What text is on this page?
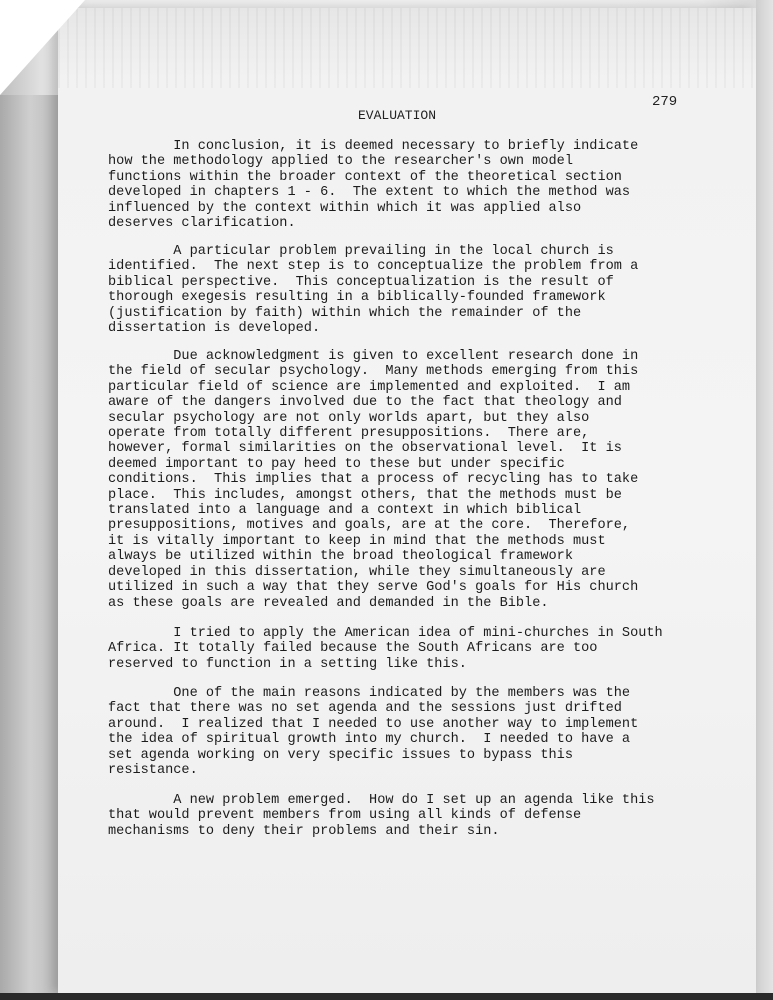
279

EVALUATION

In conclusion, it is deemed necessary to briefly indicate
how the methodology applied to the researcher's own model
functions within the broader context of the theoretical section
developed in chapters 1 - 6.  The extent to which the method was
influenced by the context within which it was applied also
deserves clarification.

A particular problem prevailing in the local church is
identified.  The next step is to conceptualize the problem from a
biblical perspective.  This conceptualization is the result of
thorough exegesis resulting in a biblically-founded framework
(justification by faith) within which the remainder of the
dissertation is developed.

Due acknowledgment is given to excellent research done in
the field of secular psychology.  Many methods emerging from this
particular field of science are implemented and exploited.  I am
aware of the dangers involved due to the fact that theology and
secular psychology are not only worlds apart, but they also
operate from totally different presuppositions.  There are,
however, formal similarities on the observational level.  It is
deemed important to pay heed to these but under specific
conditions.  This implies that a process of recycling has to take
place.  This includes, amongst others, that the methods must be
translated into a language and a context in which biblical
presuppositions, motives and goals, are at the core.  Therefore,
it is vitally important to keep in mind that the methods must
always be utilized within the broad theological framework
developed in this dissertation, while they simultaneously are
utilized in such a way that they serve God's goals for His church
as these goals are revealed and demanded in the Bible.

I tried to apply the American idea of mini-churches in South
Africa. It totally failed because the South Africans are too
reserved to function in a setting like this.

One of the main reasons indicated by the members was the
fact that there was no set agenda and the sessions just drifted
around.  I realized that I needed to use another way to implement
the idea of spiritual growth into my church.  I needed to have a
set agenda working on very specific issues to bypass this
resistance.

A new problem emerged.  How do I set up an agenda like this
that would prevent members from using all kinds of defense
mechanisms to deny their problems and their sin.
